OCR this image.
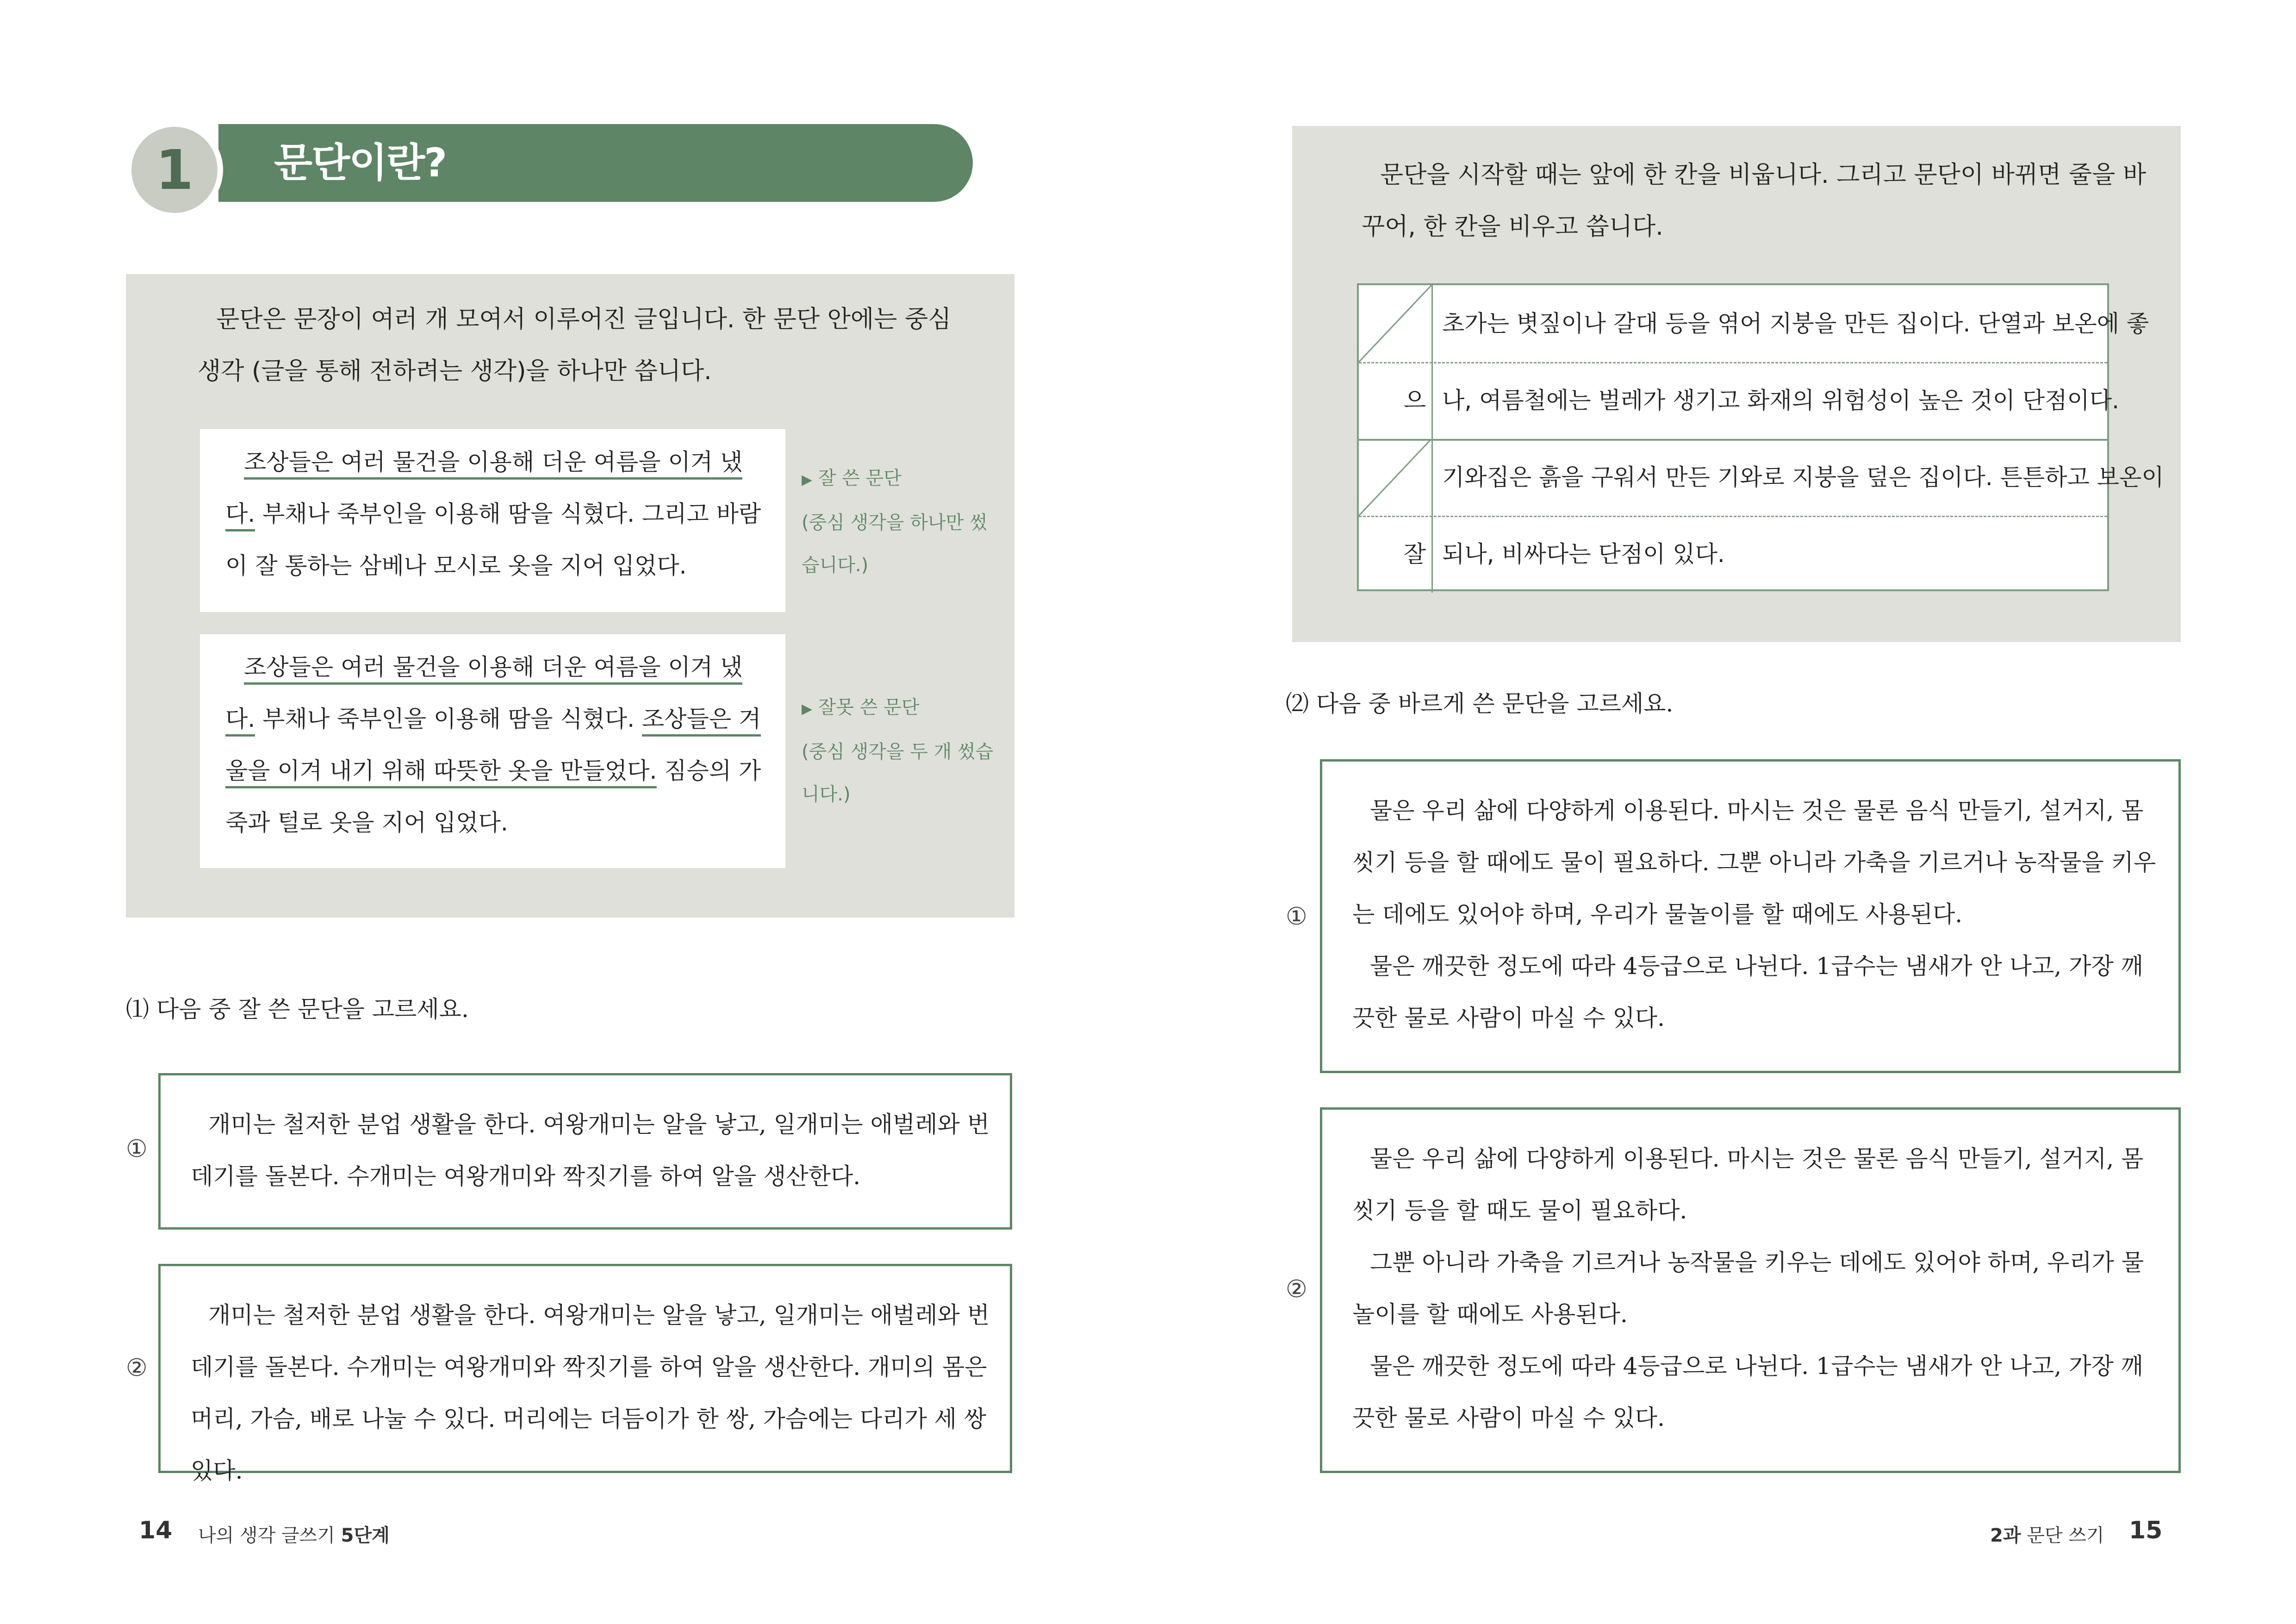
문단이란?
1
문단은 문장이 여러 개 모여서 이루어진 글입니다. 한 문단 안에는 중심 생각 (글을 통해 전하려는 생각)을 하나만 씁니다.
조상들은 여러 물건을 이용해 더운 여름을 이겨 냈다. 부채나 죽부인을 이용해 땀을 식혔다. 그리고 바람이 잘 통하는 삼베나 모시로 옷을 지어 입었다.
▶ 잘 쓴 문단
(중심 생각을 하나만 썼습니다.)
조상들은 여러 물건을 이용해 더운 여름을 이겨 냈다. 부채나 죽부인을 이용해 땀을 식혔다. 조상들은 겨울을 이겨 내기 위해 따뜻한 옷을 만들었다. 짐승의 가죽과 털로 옷을 지어 입었다.
▶ 잘못 쓴 문단
(중심 생각을 두 개 썼습니다.)
⑴ 다음 중 잘 쓴 문단을 고르세요.
①

개미는 철저한 분업 생활을 한다. 여왕개미는 알을 낳고, 일개미는 애벌레와 번데기를 돌본다. 수개미는 여왕개미와 짝짓기를 하여 알을 생산한다.

②

개미는 철저한 분업 생활을 한다. 여왕개미는 알을 낳고, 일개미는 애벌레와 번데기를 돌본다. 수개미는 여왕개미와 짝짓기를 하여 알을 생산한다. 개미의 몸은 머리, 가슴, 배로 나눌 수 있다. 머리에는 더듬이가 한 쌍, 가슴에는 다리가 세 쌍 있다.

14 나의 생각 글쓰기 5단계
문단을 시작할 때는 앞에 한 칸을 비웁니다. 그리고 문단이 바뀌면 줄을 바꾸어, 한 칸을 비우고 씁니다.
초가는 볏짚이나 갈대 등을 엮어 지붕을 만든 집이다. 단열과 보온에 좋
으 나, 여름철에는 벌레가 생기고 화재의 위험성이 높은 것이 단점이다.
기와집은 흙을 구워서 만든 기와로 지붕을 덮은 집이다. 튼튼하고 보온이
잘 되나, 비싸다는 단점이 있다.
⑵ 다음 중 바르게 쓴 문단을 고르세요.
①

물은 우리 삶에 다양하게 이용된다. 마시는 것은 물론 음식 만들기, 설거지, 몸 씻기 등을 할 때에도 물이 필요하다. 그뿐 아니라 가축을 기르거나 농작물을 키우는 데에도 있어야 하며, 우리가 물놀이를 할 때에도 사용된다.

물은 깨끗한 정도에 따라 4등급으로 나뉜다. 1급수는 냄새가 안 나고, 가장 깨끗한 물로 사람이 마실 수 있다.

②

물은 우리 삶에 다양하게 이용된다. 마시는 것은 물론 음식 만들기, 설거지, 몸 씻기 등을 할 때도 물이 필요하다.

그뿐 아니라 가축을 기르거나 농작물을 키우는 데에도 있어야 하며, 우리가 물놀이를 할 때에도 사용된다.

물은 깨끗한 정도에 따라 4등급으로 나뉜다. 1급수는 냄새가 안 나고, 가장 깨끗한 물로 사람이 마실 수 있다.

2과 문단 쓰기 15
